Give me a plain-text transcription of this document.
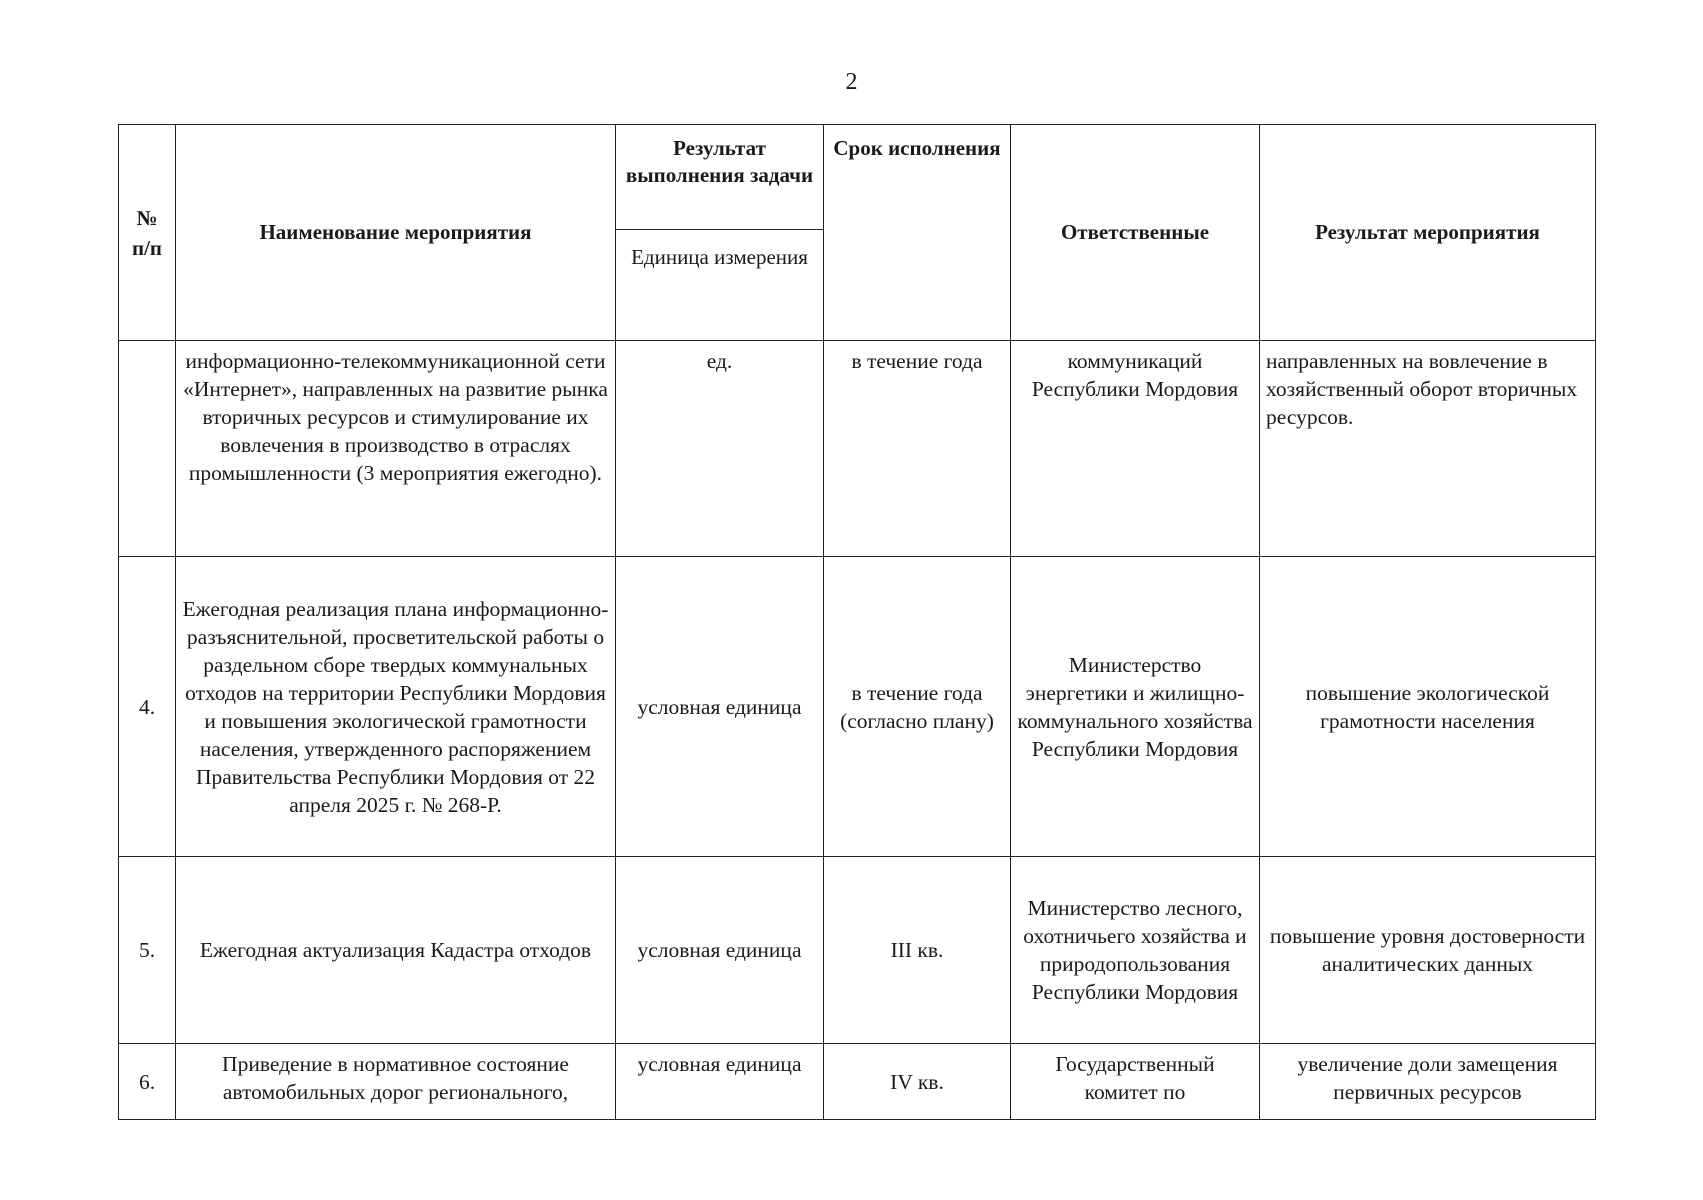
2
№ п/п	Наименование мероприятия	Результат выполнения задачи	Срок исполнения	Ответственные	Результат мероприятия
		Единица измерения			
	информационно-телекоммуникационной сети «Интернет», направленных на развитие рынка вторичных ресурсов и стимулирование их вовлечения в производство в отраслях промышленности (3 мероприятия ежегодно).	ед.	в течение года	коммуникаций Республики Мордовия	направленных на вовлечение в хозяйственный оборот вторичных ресурсов.
4.	Ежегодная реализация плана информационно-разъяснительной, просветительской работы о раздельном сборе твердых коммунальных отходов на территории Республики Мордовия и повышения экологической грамотности населения, утвержденного распоряжением Правительства Республики Мордовия от 22 апреля 2025 г. № 268-Р.	условная единица	в течение года (согласно плану)	Министерство энергетики и жилищно-коммунального хозяйства Республики Мордовия	повышение экологической грамотности населения
5.	Ежегодная актуализация Кадастра отходов	условная единица	III кв.	Министерство лесного, охотничьего хозяйства и природопользования Республики Мордовия	повышение уровня достоверности аналитических данных
6.	Приведение в нормативное состояние автомобильных дорог регионального,	условная единица	IV кв.	Государственный комитет по	увеличение доли замещения первичных ресурсов
